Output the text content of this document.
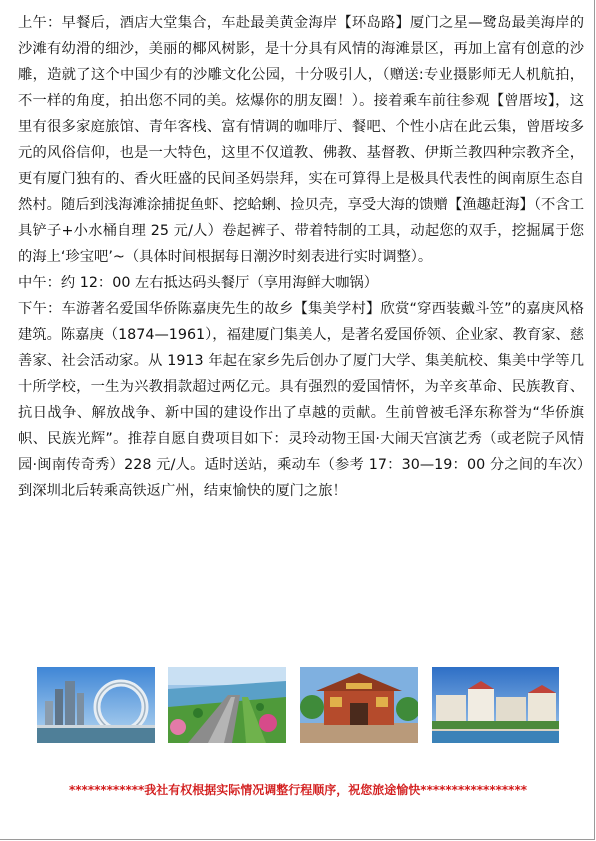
上午：早餐后，酒店大堂集合，车赴最美黄金海岸【环岛路】厦门之星—鹭岛最美海岸的沙滩有幼滑的细沙，美丽的椰风树影，是十分具有风情的海滩景区，再加上富有创意的沙雕，造就了这个中国少有的沙雕文化公园，十分吸引人，（赠送:专业摄影师无人机航拍，不一样的角度，拍出您不同的美。炫爆你的朋友圈！）。接着乘车前往参观【曾厝垵】，这里有很多家庭旅馆、青年客栈、富有情调的咖啡厅、餐吧、个性小店在此云集，曾厝垵多元的风俗信仰，也是一大特色，这里不仅道教、佛教、基督教、伊斯兰教四种宗教齐全，更有厦门独有的、香火旺盛的民间圣妈崇拜，实在可算得上是极具代表性的闽南原生态自然村。随后到浅海滩涂捕捉鱼虾、挖蛤蜊、捡贝壳，享受大海的馈赠【渔趣赶海】（不含工具铲子+小水桶自理 25 元/人）卷起裤子、带着特制的工具，动起您的双手，挖掘属于您的海上‘珍宝吧’~（具体时间根据每日潮汐时刻表进行实时调整）。

中午：约 12：00 左右抵达码头餐厅（享用海鲜大咖锅）

下午：车游著名爱国华侨陈嘉庚先生的故乡【集美学村】欣赏“穿西装戴斗笠”的嘉庚风格建筑。陈嘉庚（1874—1961），福建厦门集美人，是著名爱国侨领、企业家、教育家、慈善家、社会活动家。从 1913 年起在家乡先后创办了厦门大学、集美航校、集美中学等几十所学校，一生为兴教捐款超过两亿元。具有强烈的爱国情怀，为辛亥革命、民族教育、抗日战争、解放战争、新中国的建设作出了卓越的贡献。生前曾被毛泽东称誉为“华侨旗帜、民族光辉”。推荐自愿自费项目如下：灵玲动物王国·大闹天宫演艺秀（或老院子风情园·闽南传奇秀）228 元/人。适时送站，乘动车（参考 17：30—19：00 分之间的车次）到深圳北后转乘高铁返广州，结束愉快的厦门之旅！

************我社有权根据实际情况调整行程顺序，祝您旅途愉快*****************
